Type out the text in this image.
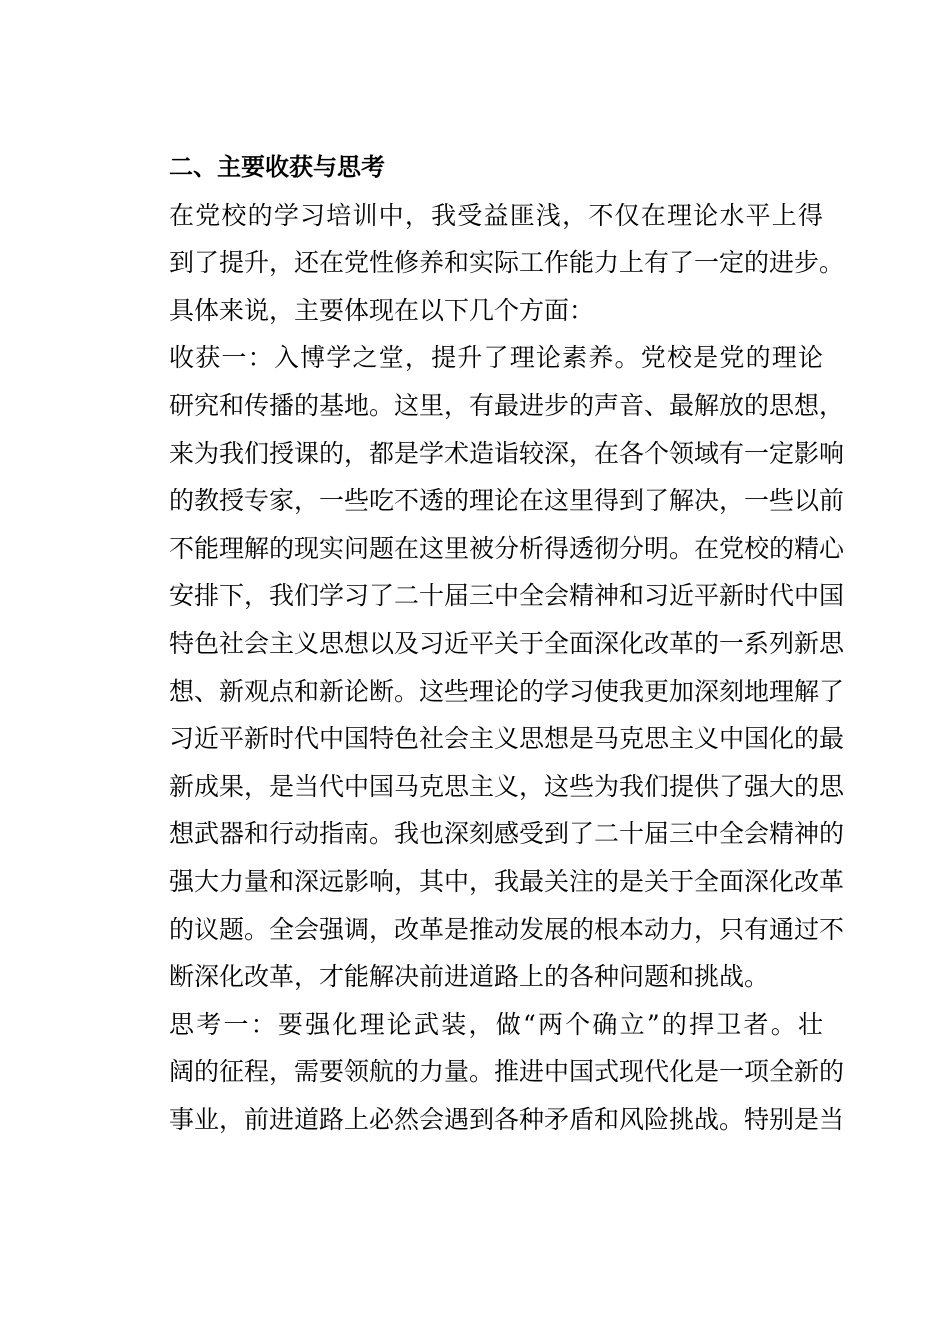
二、主要收获与思考
在党校的学习培训中，我受益匪浅，不仅在理论水平上得
到了提升，还在党性修养和实际工作能力上有了一定的进步。
具体来说，主要体现在以下几个方面：
收获一：入博学之堂，提升了理论素养。党校是党的理论
研究和传播的基地。这里，有最进步的声音、最解放的思想，
来为我们授课的，都是学术造诣较深，在各个领域有一定影响
的教授专家，一些吃不透的理论在这里得到了解决，一些以前
不能理解的现实问题在这里被分析得透彻分明。在党校的精心
安排下，我们学习了二十届三中全会精神和习近平新时代中国
特色社会主义思想以及习近平关于全面深化改革的一系列新思
想、新观点和新论断。这些理论的学习使我更加深刻地理解了
习近平新时代中国特色社会主义思想是马克思主义中国化的最
新成果，是当代中国马克思主义，这些为我们提供了强大的思
想武器和行动指南。我也深刻感受到了二十届三中全会精神的
强大力量和深远影响，其中，我最关注的是关于全面深化改革
的议题。全会强调，改革是推动发展的根本动力，只有通过不
断深化改革，才能解决前进道路上的各种问题和挑战。
思考一：要强化理论武装，做“两个确立”的捍卫者。壮
阔的征程，需要领航的力量。推进中国式现代化是一项全新的
事业，前进道路上必然会遇到各种矛盾和风险挑战。特别是当
